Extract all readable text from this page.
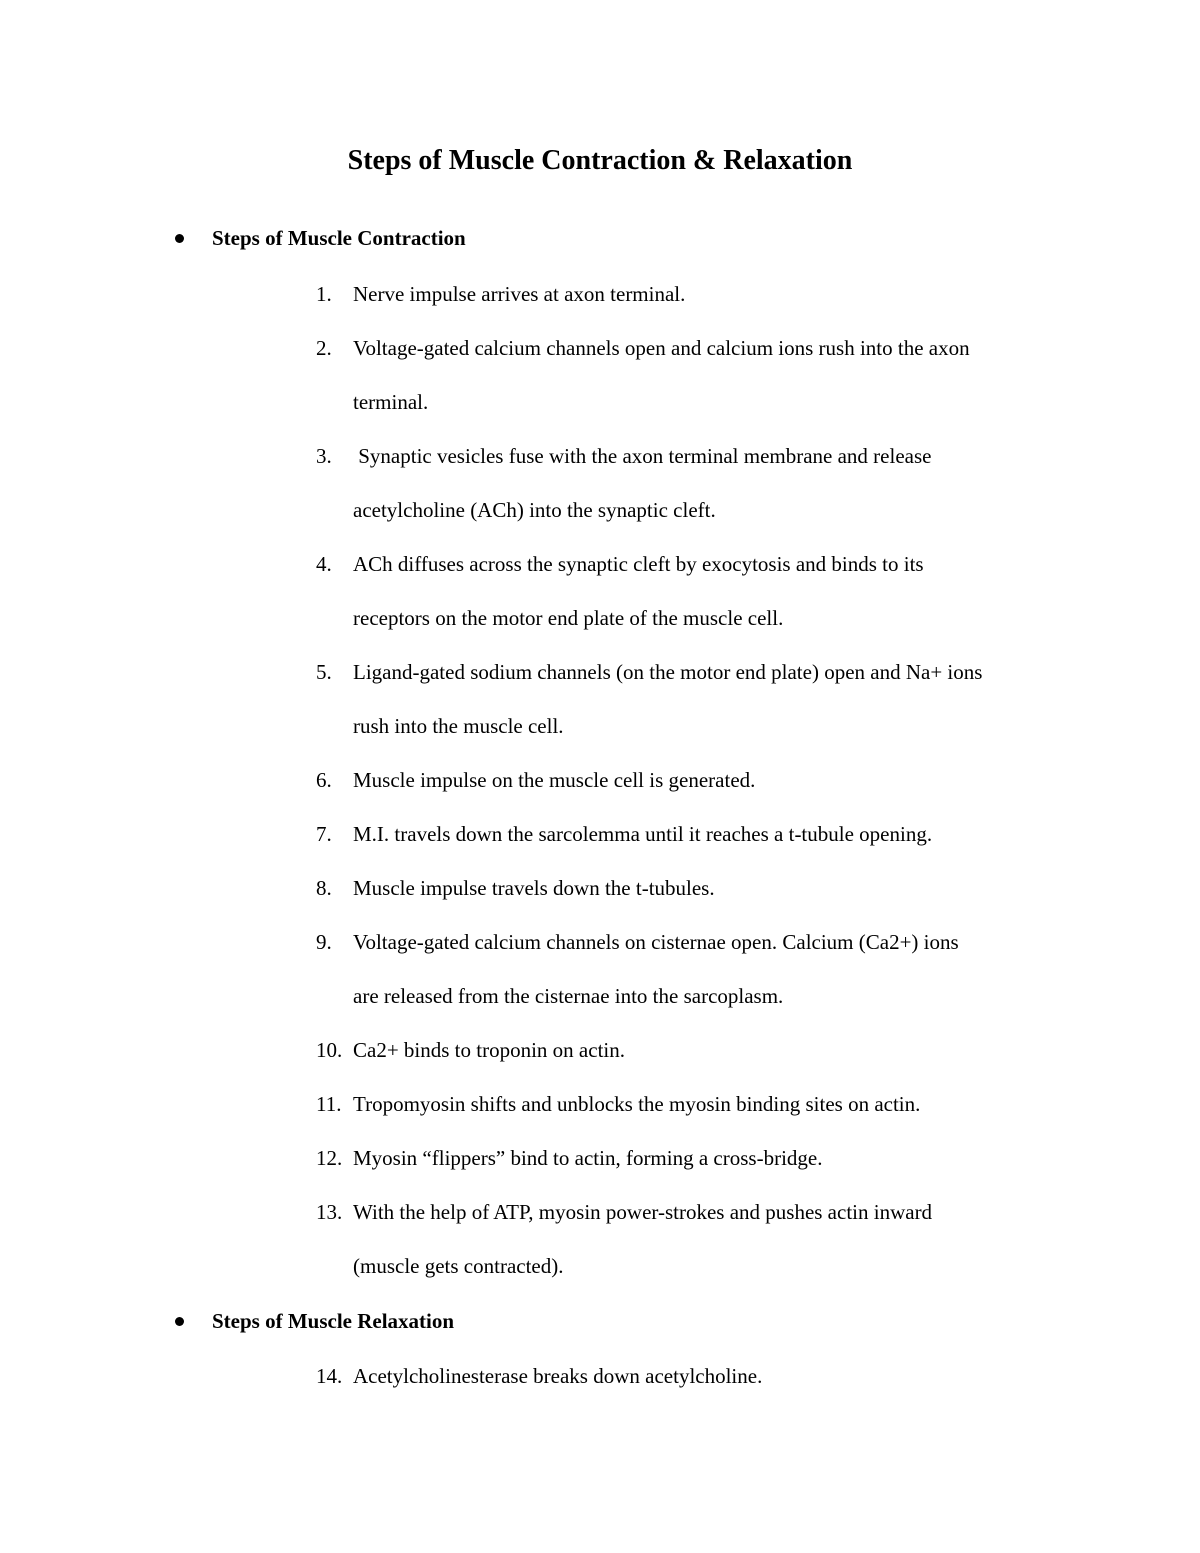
Steps of Muscle Contraction & Relaxation
Steps of Muscle Contraction
1. Nerve impulse arrives at axon terminal.
2. Voltage-gated calcium channels open and calcium ions rush into the axon
terminal.
3. Synaptic vesicles fuse with the axon terminal membrane and release
acetylcholine (ACh) into the synaptic cleft.
4. ACh diffuses across the synaptic cleft by exocytosis and binds to its
receptors on the motor end plate of the muscle cell.
5. Ligand-gated sodium channels (on the motor end plate) open and Na+ ions
rush into the muscle cell.
6. Muscle impulse on the muscle cell is generated.
7. M.I. travels down the sarcolemma until it reaches a t-tubule opening.
8. Muscle impulse travels down the t-tubules.
9. Voltage-gated calcium channels on cisternae open. Calcium (Ca2+) ions
are released from the cisternae into the sarcoplasm.
10. Ca2+ binds to troponin on actin.
11. Tropomyosin shifts and unblocks the myosin binding sites on actin.
12. Myosin “flippers” bind to actin, forming a cross-bridge.
13. With the help of ATP, myosin power-strokes and pushes actin inward
(muscle gets contracted).
Steps of Muscle Relaxation
14. Acetylcholinesterase breaks down acetylcholine.
